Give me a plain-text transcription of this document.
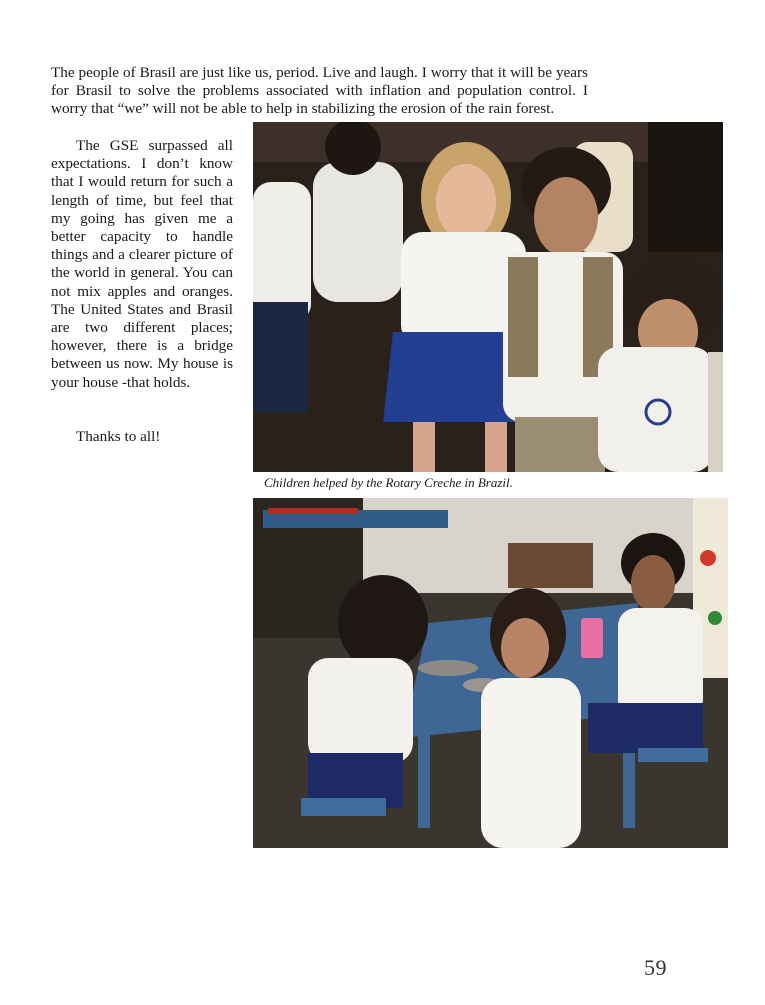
The people of Brasil are just like us, period. Live and laugh. I worry that it will be years for Brasil to solve the problems associated with inflation and population control. I worry that “we” will not be able to help in stabilizing the erosion of the rain forest.

The GSE surpassed all expectations. I don’t know that I would return for such a length of time, but feel that my going has given me a better capacity to handle things and a clearer picture of the world in general. You can not mix apples and oranges. The United States and Brasil are two different places; however, there is a bridge between us now. My house is your house -that holds.

Thanks to all!

Children helped by the Rotary Creche in Brazil.
59
